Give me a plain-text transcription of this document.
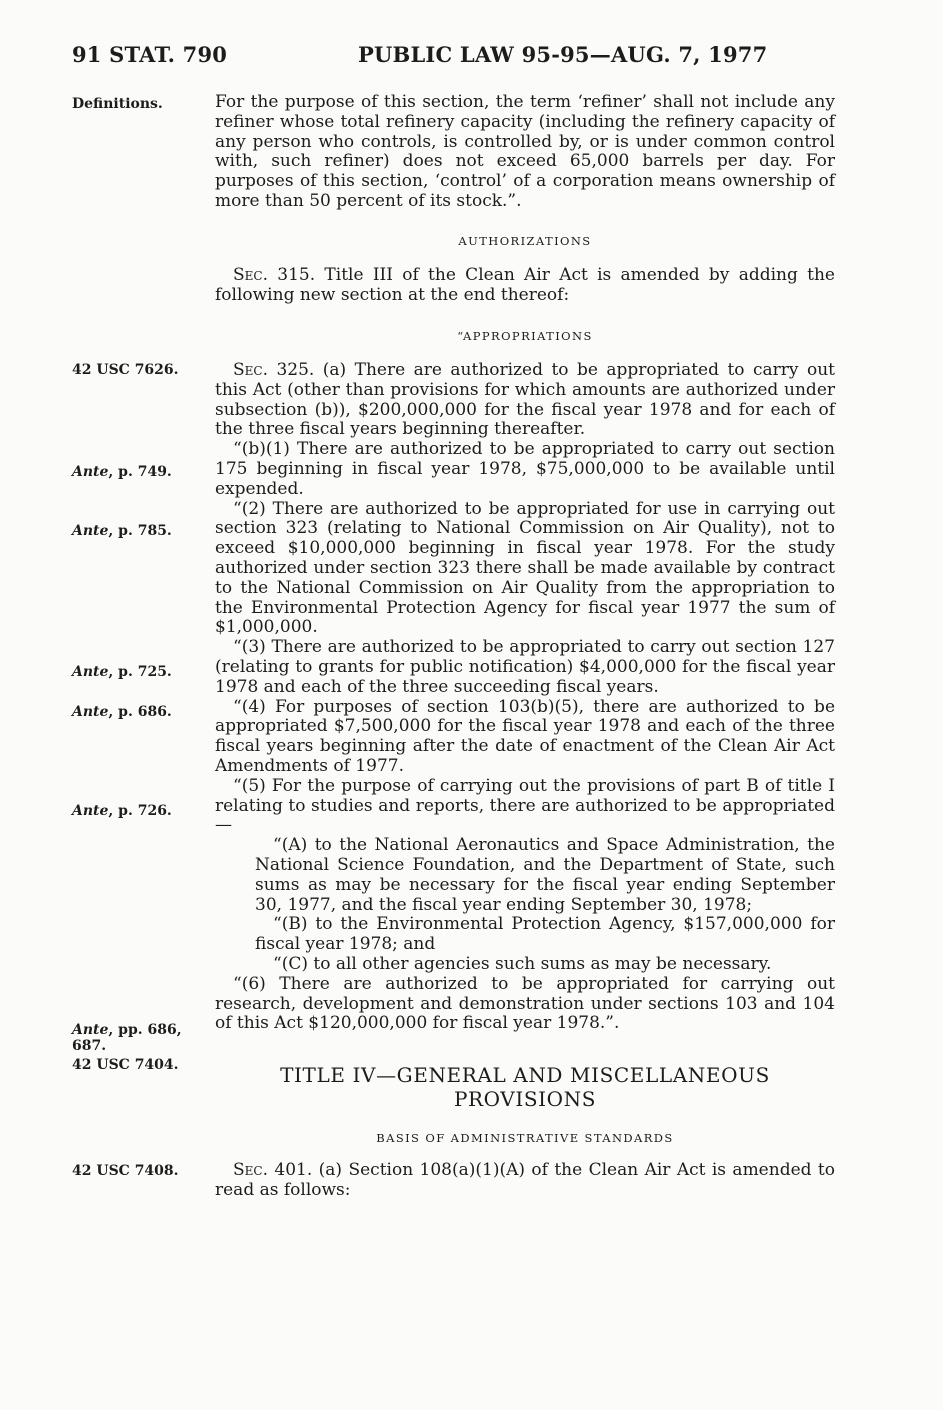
91 STAT. 790	PUBLIC LAW 95-95—AUG. 7, 1977
Definitions.
42 USC 7626.
Ante, p. 749.
Ante, p. 785.
Ante, p. 725.
Ante, p. 686.
Ante, p. 726.
Ante, pp. 686,
687.
42 USC 7404.
42 USC 7408.

For the purpose of this section, the term ‘refiner’ shall not include any refiner whose total refinery capacity (including the refinery capacity of any person who controls, is controlled by, or is under common control with, such refiner) does not exceed 65,000 barrels per day. For purposes of this section, ‘control’ of a corporation means ownership of more than 50 percent of its stock.”.

AUTHORIZATIONS

Sec. 315. Title III of the Clean Air Act is amended by adding the following new section at the end thereof:

“APPROPRIATIONS

Sec. 325. (a) There are authorized to be appropriated to carry out this Act (other than provisions for which amounts are authorized under subsection (b)), $200,000,000 for the fiscal year 1978 and for each of the three fiscal years beginning thereafter.

“(b)(1) There are authorized to be appropriated to carry out section 175 beginning in fiscal year 1978, $75,000,000 to be available until expended.

“(2) There are authorized to be appropriated for use in carrying out section 323 (relating to National Commission on Air Quality), not to exceed $10,000,000 beginning in fiscal year 1978. For the study authorized under section 323 there shall be made available by contract to the National Commission on Air Quality from the appropriation to the Environmental Protection Agency for fiscal year 1977 the sum of $1,000,000.

“(3) There are authorized to be appropriated to carry out section 127 (relating to grants for public notification) $4,000,000 for the fiscal year 1978 and each of the three succeeding fiscal years.

“(4) For purposes of section 103(b)(5), there are authorized to be appropriated $7,500,000 for the fiscal year 1978 and each of the three fiscal years beginning after the date of enactment of the Clean Air Act Amendments of 1977.

“(5) For the purpose of carrying out the provisions of part B of title I relating to studies and reports, there are authorized to be appropriated—

“(A) to the National Aeronautics and Space Administration, the National Science Foundation, and the Department of State, such sums as may be necessary for the fiscal year ending September 30, 1977, and the fiscal year ending September 30, 1978;

“(B) to the Environmental Protection Agency, $157,000,000 for fiscal year 1978; and

“(C) to all other agencies such sums as may be necessary.

“(6) There are authorized to be appropriated for carrying out research, development and demonstration under sections 103 and 104 of this Act $120,000,000 for fiscal year 1978.”.

TITLE IV—GENERAL AND MISCELLANEOUS

PROVISIONS

BASIS OF ADMINISTRATIVE STANDARDS

Sec. 401. (a) Section 108(a)(1)(A) of the Clean Air Act is amended to read as follows:
